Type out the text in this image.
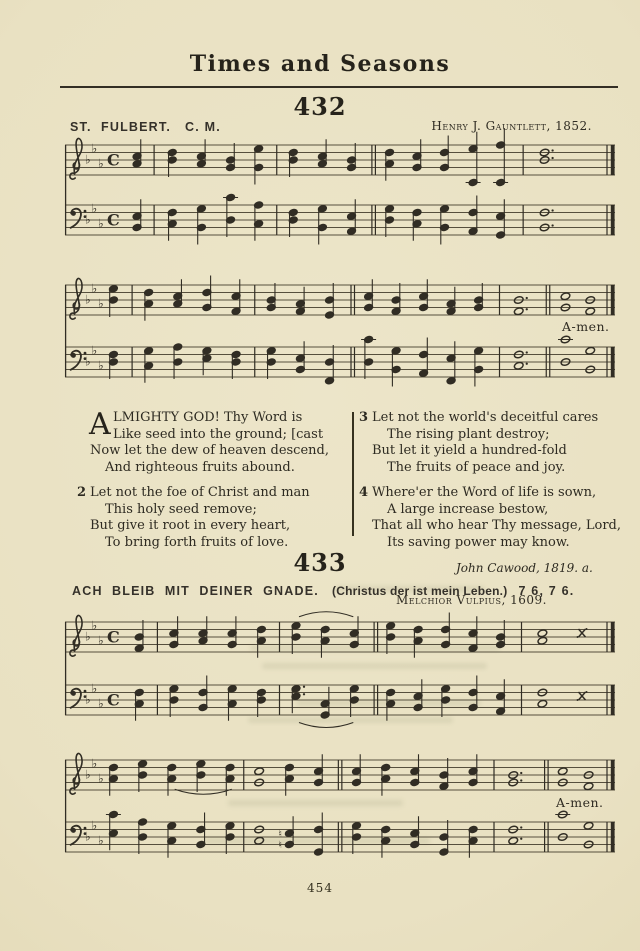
Times and Seasons
432
ST.  FULBERT.   C. M.	Henry J. Gauntlett, 1852.
♭
♭
♭ C
♭
♭
♭ C
♭
♭
♭
♭
♭
♭
♭
♭
♭ C
♭
♭
♭ C
♭
♭
♭
♭
♭
♭	♮
♮
A-men.
A LMIGHTY GOD! Thy Word is
Like seed into the ground; [cast
Now let the dew of heaven descend,
And righteous fruits abound.
2 Let not the foe of Christ and man
This holy seed remove;
But give it root in every heart,
To bring forth fruits of love.
3 Let not the world's deceitful cares
The rising plant destroy;
But let it yield a hundred-fold
The fruits of peace and joy.
4 Where'er the Word of life is sown,
A large increase bestow,
That all who hear Thy message, Lord,
Its saving power may know.
John Cawood, 1819. a.
433
ACH  BLEIB  MIT  DEINER  GNADE. (Christus der ist mein Leben.) 7 6, 7 6.
Melchior Vulpius, 1609.
A-men.
454
